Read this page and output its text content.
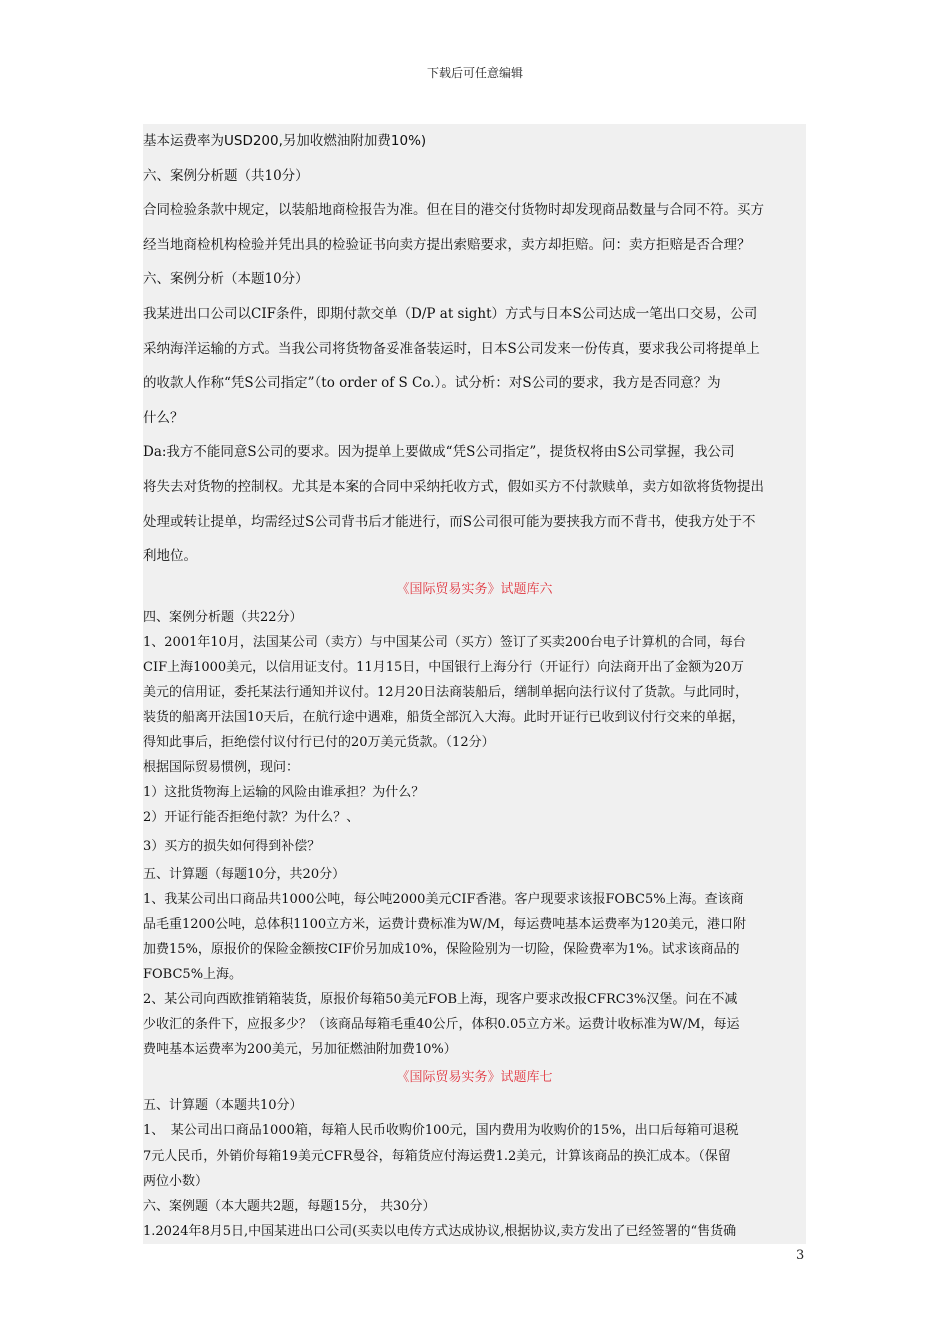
下载后可任意编辑

基本运费率为USD200,另加收燃油附加费10%)

六、案例分析题（共10分）

合同检验条款中规定，以装船地商检报告为准。但在目的港交付货物时却发现商品数量与合同不符。买方

经当地商检机构检验并凭出具的检验证书向卖方提出索赔要求，卖方却拒赔。问：卖方拒赔是否合理？

六、案例分析（本题10分）

我某进出口公司以CIF条件，即期付款交单（D/P at sight）方式与日本S公司达成一笔出口交易，公司

采纳海洋运输的方式。当我公司将货物备妥准备装运时，日本S公司发来一份传真，要求我公司将提单上

的收款人作称“凭S公司指定”（to order of S Co.）。试分析：对S公司的要求，我方是否同意？为

什么？

Da:我方不能同意S公司的要求。因为提单上要做成“凭S公司指定”，提货权将由S公司掌握，我公司

将失去对货物的控制权。尤其是本案的合同中采纳托收方式，假如买方不付款赎单，卖方如欲将货物提出

处理或转让提单，均需经过S公司背书后才能进行，而S公司很可能为要挟我方而不背书，使我方处于不

利地位。

《国际贸易实务》试题库六

四、案例分析题（共22分）

1、2001年10月，法国某公司（卖方）与中国某公司（买方）签订了买卖200台电子计算机的合同，每台

CIF上海1000美元，以信用证支付。11月15日，中国银行上海分行（开证行）向法商开出了金额为20万

美元的信用证，委托某法行通知并议付。12月20日法商装船后，缮制单据向法行议付了货款。与此同时，

装货的船离开法国10天后，在航行途中遇难，船货全部沉入大海。此时开证行已收到议付行交来的单据，

得知此事后，拒绝偿付议付行已付的20万美元货款。（12分）

根据国际贸易惯例，现问：

1）这批货物海上运输的风险由谁承担？为什么？

2）开证行能否拒绝付款？为什么？、

3）买方的损失如何得到补偿？

五、计算题（每题10分，共20分）

1、我某公司出口商品共1000公吨，每公吨2000美元CIF香港。客户现要求该报FOBC5%上海。查该商

品毛重1200公吨，总体积1100立方米，运费计费标准为W/M，每运费吨基本运费率为120美元，港口附

加费15%，原报价的保险金额按CIF价另加成10%，保险险别为一切险，保险费率为1%。试求该商品的

FOBC5%上海。

2、某公司向西欧推销箱装货，原报价每箱50美元FOB上海，现客户要求改报CFRC3%汉堡。问在不减

少收汇的条件下，应报多少？（该商品每箱毛重40公斤，体积0.05立方米。运费计收标准为W/M，每运

费吨基本运费率为200美元，另加征燃油附加费10%）

《国际贸易实务》试题库七

五、计算题（本题共10分）

1、　某公司出口商品1000箱，每箱人民币收购价100元，国内费用为收购价的15%，出口后每箱可退税

7元人民币，外销价每箱19美元CFR曼谷，每箱货应付海运费1.2美元，计算该商品的换汇成本。（保留

两位小数）

六、案例题（本大题共2题，每题15分， 共30分）

1.2024年8月5日,中国某进出口公司(买卖以电传方式达成协议,根据协议,卖方发出了已经签署的“售货确

3
